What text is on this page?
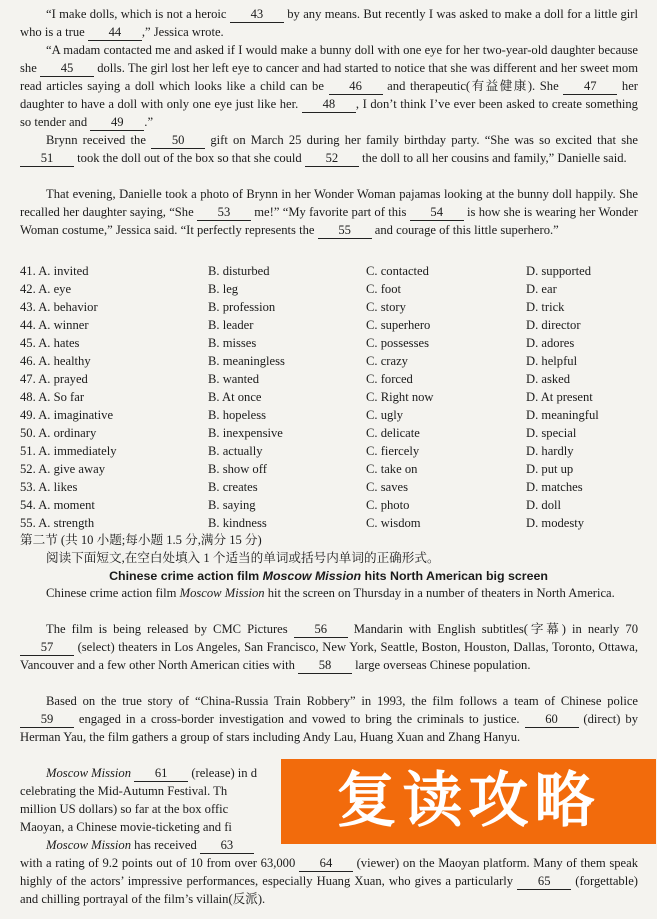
“I make dolls, which is not a heroic 43 by any means. But recently I was asked to make a doll for a little girl who is a true 44 ,” Jessica wrote.

“A madam contacted me and asked if I would make a bunny doll with one eye for her two-year-old daughter because she 45 dolls. The girl lost her left eye to cancer and had started to notice that she was different and her sweet mom read articles saying a doll which looks like a child can be 46 and therapeutic(有益健康). She 47 her daughter to have a doll with only one eye just like her. 48 , I don’t think I’ve ever been asked to create something so tender and 49 .”

Brynn received the 50 gift on March 25 during her family birthday party. “She was so excited that she 51 took the doll out of the box so that she could 52 the doll to all her cousins and family,” Danielle said.

That evening, Danielle took a photo of Brynn in her Wonder Woman pajamas looking at the bunny doll happily. She recalled her daughter saying, “She 53 me!” “My favorite part of this 54 is how she is wearing her Wonder Woman costume,” Jessica said. “It perfectly represents the 55 and courage of this little superhero.”

41. A. invited	B. disturbed	C. contacted	D. supported
42. A. eye	B. leg	C. foot	D. ear
43. A. behavior	B. profession	C. story	D. trick
44. A. winner	B. leader	C. superhero	D. director
45. A. hates	B. misses	C. possesses	D. adores
46. A. healthy	B. meaningless	C. crazy	D. helpful
47. A. prayed	B. wanted	C. forced	D. asked
48. A. So far	B. At once	C. Right now	D. At present
49. A. imaginative	B. hopeless	C. ugly	D. meaningful
50. A. ordinary	B. inexpensive	C. delicate	D. special
51. A. immediately	B. actually	C. fiercely	D. hardly
52. A. give away	B. show off	C. take on	D. put up
53. A. likes	B. creates	C. saves	D. matches
54. A. moment	B. saying	C. photo	D. doll
55. A. strength	B. kindness	C. wisdom	D. modesty
第二节 (共 10 小题;每小题 1.5 分,满分 15 分)
阅读下面短文,在空白处填入 1 个适当的单词或括号内单词的正确形式。
Chinese crime action film Moscow Mission hits North American big screen

Chinese crime action film Moscow Mission hit the screen on Thursday in a number of theaters in North America.

The film is being released by CMC Pictures 56 Mandarin with English subtitles(字幕) in nearly 70 57 (select) theaters in Los Angeles, San Francisco, New York, Seattle, Boston, Houston, Dallas, Toronto, Ottawa, Vancouver and a few other North American cities with 58 large overseas Chinese population.

Based on the true story of “China-Russia Train Robbery” in 1993, the film follows a team of Chinese police 59 engaged in a cross-border investigation and vowed to bring the criminals to justice. 60 (direct) by Herman Yau, the film gathers a group of stars including Andy Lau, Huang Xuan and Zhang Hanyu.

Moscow Mission 61 (release) in d
celebrating the Mid-Autumn Festival. Th
million US dollars) so far at the box offic
Maoyan, a Chinese movie-ticketing and fi
Moscow Mission has received 63
with a rating of 9.2 points out of 10 from over 63,000 64 (viewer) on the Maoyan platform. Many of them speak highly of the actors’ impressive performances, especially Huang Xuan, who gives a particularly 65 (forgettable) and chilling portrayal of the film’s villain(反派).
复读攻略
